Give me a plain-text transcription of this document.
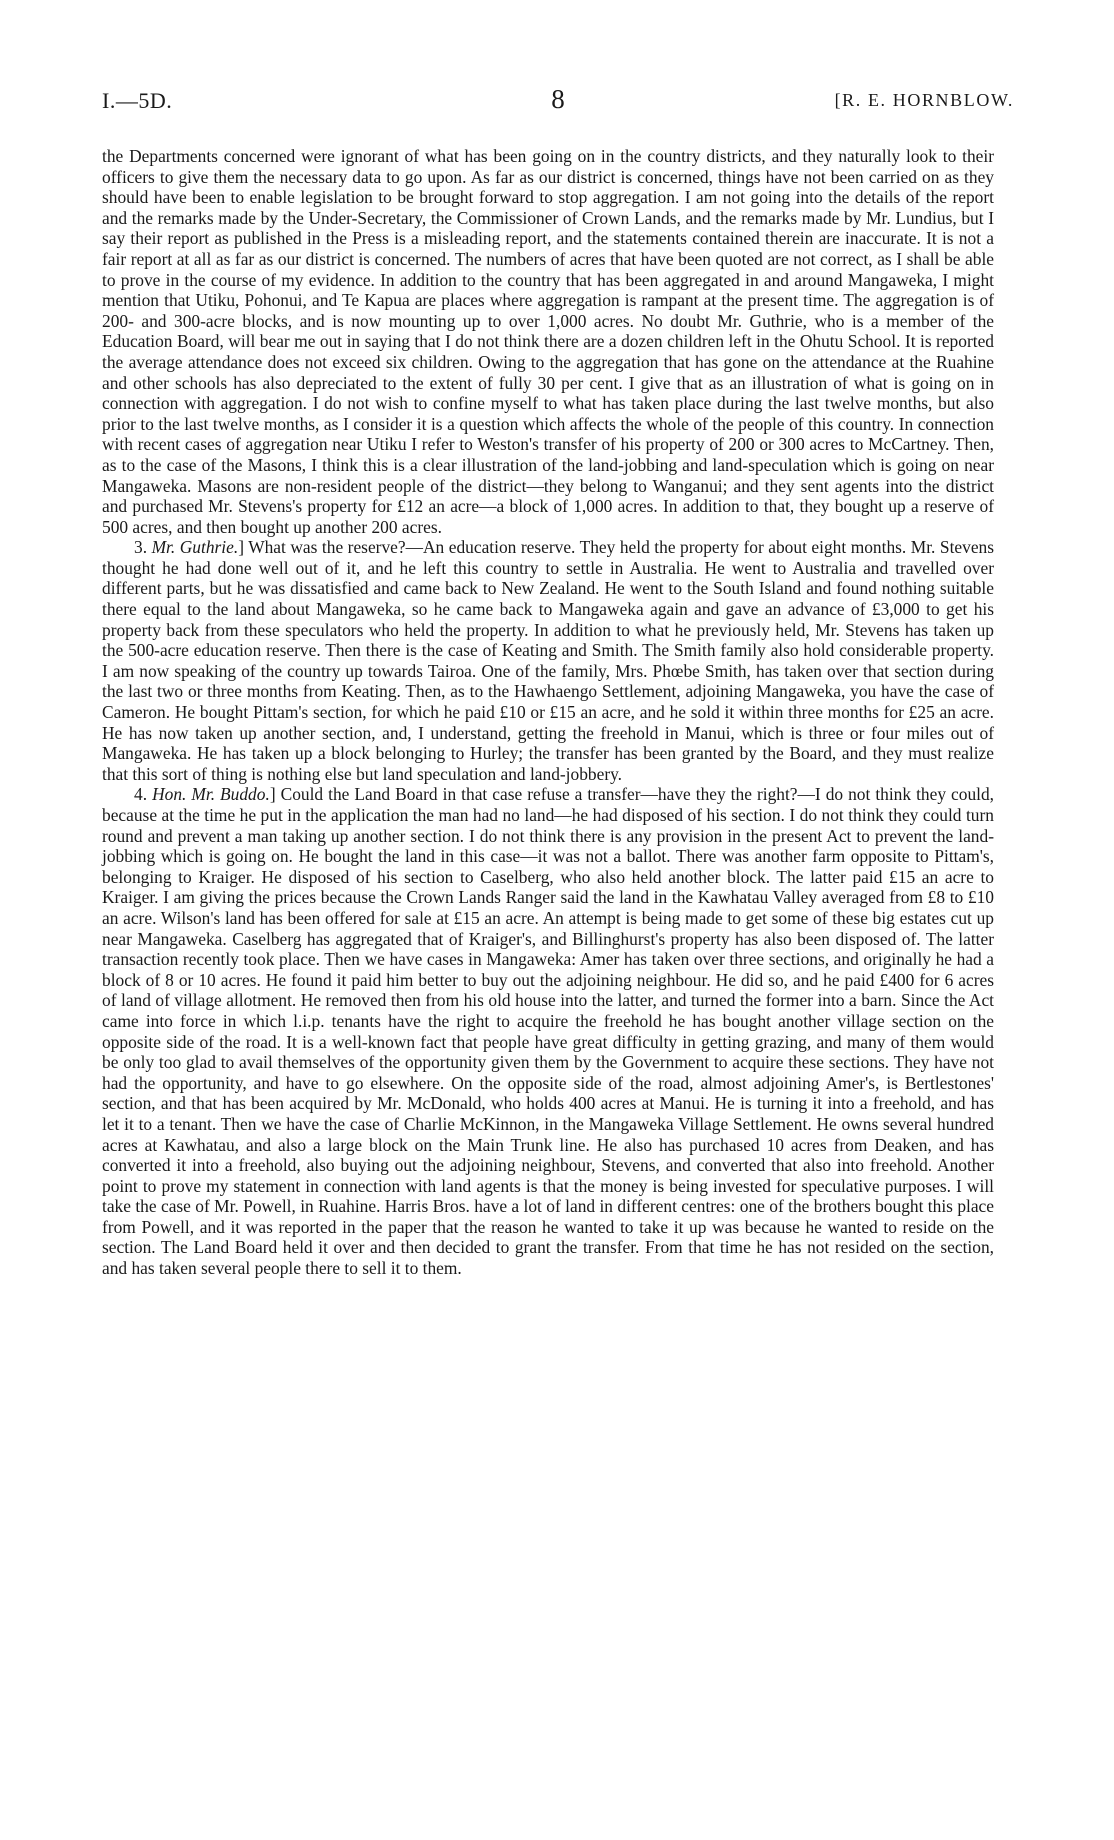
I.—5D.	8	[R. E. HORNBLOW.

the Departments concerned were ignorant of what has been going on in the country districts, and they naturally look to their officers to give them the necessary data to go upon. As far as our district is concerned, things have not been carried on as they should have been to enable legislation to be brought forward to stop aggregation. I am not going into the details of the report and the remarks made by the Under-Secretary, the Commissioner of Crown Lands, and the remarks made by Mr. Lundius, but I say their report as published in the Press is a misleading report, and the statements contained therein are inaccurate. It is not a fair report at all as far as our district is concerned. The numbers of acres that have been quoted are not correct, as I shall be able to prove in the course of my evidence. In addition to the country that has been aggregated in and around Mangaweka, I might mention that Utiku, Pohonui, and Te Kapua are places where aggregation is rampant at the present time. The aggregation is of 200- and 300-acre blocks, and is now mounting up to over 1,000 acres. No doubt Mr. Guthrie, who is a member of the Education Board, will bear me out in saying that I do not think there are a dozen children left in the Ohutu School. It is reported the average attendance does not exceed six children. Owing to the aggregation that has gone on the attendance at the Ruahine and other schools has also depreciated to the extent of fully 30 per cent. I give that as an illustration of what is going on in connection with aggregation. I do not wish to confine myself to what has taken place during the last twelve months, but also prior to the last twelve months, as I consider it is a question which affects the whole of the people of this country. In connection with recent cases of aggregation near Utiku I refer to Weston's transfer of his property of 200 or 300 acres to McCartney. Then, as to the case of the Masons, I think this is a clear illustration of the land-jobbing and land-speculation which is going on near Mangaweka. Masons are non-resident people of the district—they belong to Wanganui; and they sent agents into the district and purchased Mr. Stevens's property for £12 an acre—a block of 1,000 acres. In addition to that, they bought up a reserve of 500 acres, and then bought up another 200 acres.

3. Mr. Guthrie.] What was the reserve?—An education reserve. They held the property for about eight months. Mr. Stevens thought he had done well out of it, and he left this country to settle in Australia. He went to Australia and travelled over different parts, but he was dissatisfied and came back to New Zealand. He went to the South Island and found nothing suitable there equal to the land about Mangaweka, so he came back to Mangaweka again and gave an advance of £3,000 to get his property back from these speculators who held the property. In addition to what he previously held, Mr. Stevens has taken up the 500-acre education reserve. Then there is the case of Keating and Smith. The Smith family also hold considerable property. I am now speaking of the country up towards Tairoa. One of the family, Mrs. Phœbe Smith, has taken over that section during the last two or three months from Keating. Then, as to the Hawhaengo Settlement, adjoining Mangaweka, you have the case of Cameron. He bought Pittam's section, for which he paid £10 or £15 an acre, and he sold it within three months for £25 an acre. He has now taken up another section, and, I understand, getting the freehold in Manui, which is three or four miles out of Mangaweka. He has taken up a block belonging to Hurley; the transfer has been granted by the Board, and they must realize that this sort of thing is nothing else but land speculation and land-jobbery.

4. Hon. Mr. Buddo.] Could the Land Board in that case refuse a transfer—have they the right?—I do not think they could, because at the time he put in the application the man had no land—he had disposed of his section. I do not think they could turn round and prevent a man taking up another section. I do not think there is any provision in the present Act to prevent the land-jobbing which is going on. He bought the land in this case—it was not a ballot. There was another farm opposite to Pittam's, belonging to Kraiger. He disposed of his section to Caselberg, who also held another block. The latter paid £15 an acre to Kraiger. I am giving the prices because the Crown Lands Ranger said the land in the Kawhatau Valley averaged from £8 to £10 an acre. Wilson's land has been offered for sale at £15 an acre. An attempt is being made to get some of these big estates cut up near Mangaweka. Caselberg has aggregated that of Kraiger's, and Billinghurst's property has also been disposed of. The latter transaction recently took place. Then we have cases in Mangaweka: Amer has taken over three sections, and originally he had a block of 8 or 10 acres. He found it paid him better to buy out the adjoining neighbour. He did so, and he paid £400 for 6 acres of land of village allotment. He removed then from his old house into the latter, and turned the former into a barn. Since the Act came into force in which l.i.p. tenants have the right to acquire the freehold he has bought another village section on the opposite side of the road. It is a well-known fact that people have great difficulty in getting grazing, and many of them would be only too glad to avail themselves of the opportunity given them by the Government to acquire these sections. They have not had the opportunity, and have to go elsewhere. On the opposite side of the road, almost adjoining Amer's, is Bertlestones' section, and that has been acquired by Mr. McDonald, who holds 400 acres at Manui. He is turning it into a freehold, and has let it to a tenant. Then we have the case of Charlie McKinnon, in the Mangaweka Village Settlement. He owns several hundred acres at Kawhatau, and also a large block on the Main Trunk line. He also has purchased 10 acres from Deaken, and has converted it into a freehold, also buying out the adjoining neighbour, Stevens, and converted that also into freehold. Another point to prove my statement in connection with land agents is that the money is being invested for speculative purposes. I will take the case of Mr. Powell, in Ruahine. Harris Bros. have a lot of land in different centres: one of the brothers bought this place from Powell, and it was reported in the paper that the reason he wanted to take it up was because he wanted to reside on the section. The Land Board held it over and then decided to grant the transfer. From that time he has not resided on the section, and has taken several people there to sell it to them.
